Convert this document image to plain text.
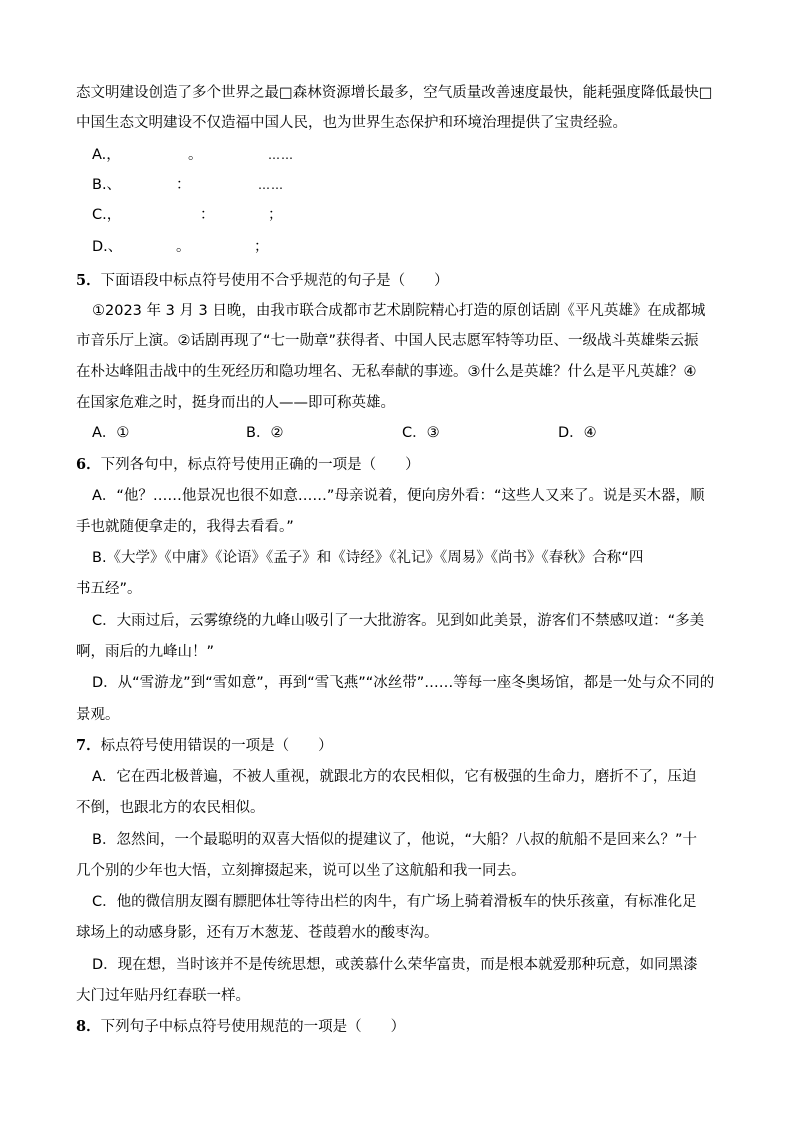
态文明建设创造了多个世界之最□森林资源增长最多，空气质量改善速度最快，能耗强度降低最快□
中国生态文明建设不仅造福中国人民，也为世界生态保护和环境治理提供了宝贵经验。
A.，	。	……
B.、	：	……
C.，	：	；
D.、	。	；
5．下面语段中标点符号使用不合乎规范的句子是（　　）
①2023 年 3 月 3 日晚，由我市联合成都市艺术剧院精心打造的原创话剧《平凡英雄》在成都城
市音乐厅上演。②话剧再现了“七一勋章”获得者、中国人民志愿军特等功臣、一级战斗英雄柴云振
在朴达峰阻击战中的生死经历和隐功埋名、无私奉献的事迹。③什么是英雄？什么是平凡英雄？④
在国家危难之时，挺身而出的人——即可称英雄。
A．①	B．②	C．③	D．④
6．下列各句中，标点符号使用正确的一项是（　　）
A．“他？……他景况也很不如意……”母亲说着，便向房外看：“这些人又来了。说是买木器，顺
手也就随便拿走的，我得去看看。”
B.《大学》《中庸》《论语》《孟子》和《诗经》《礼记》《周易》《尚书》《春秋》合称“四
书五经”。
C．大雨过后，云雾缭绕的九峰山吸引了一大批游客。见到如此美景，游客们不禁感叹道：“多美
啊，雨后的九峰山！”
D．从“雪游龙”到“雪如意”，再到“雪飞燕”“冰丝带”……等每一座冬奥场馆，都是一处与众不同的
景观。
7．标点符号使用错误的一项是（　　）
A．它在西北极普遍，不被人重视，就跟北方的农民相似，它有极强的生命力，磨折不了，压迫
不倒，也跟北方的农民相似。
B．忽然间，一个最聪明的双喜大悟似的提建议了，他说，“大船？八叔的航船不是回来么？”十
几个别的少年也大悟，立刻撺掇起来，说可以坐了这航船和我一同去。
C．他的微信朋友圈有膘肥体壮等待出栏的肉牛，有广场上骑着滑板车的快乐孩童，有标准化足
球场上的动感身影，还有万木葱茏、苍葭碧水的酸枣沟。
D．现在想，当时该并不是传统思想，或羡慕什么荣华富贵，而是根本就爱那种玩意，如同黑漆
大门过年贴丹红春联一样。
8．下列句子中标点符号使用规范的一项是（　　）
